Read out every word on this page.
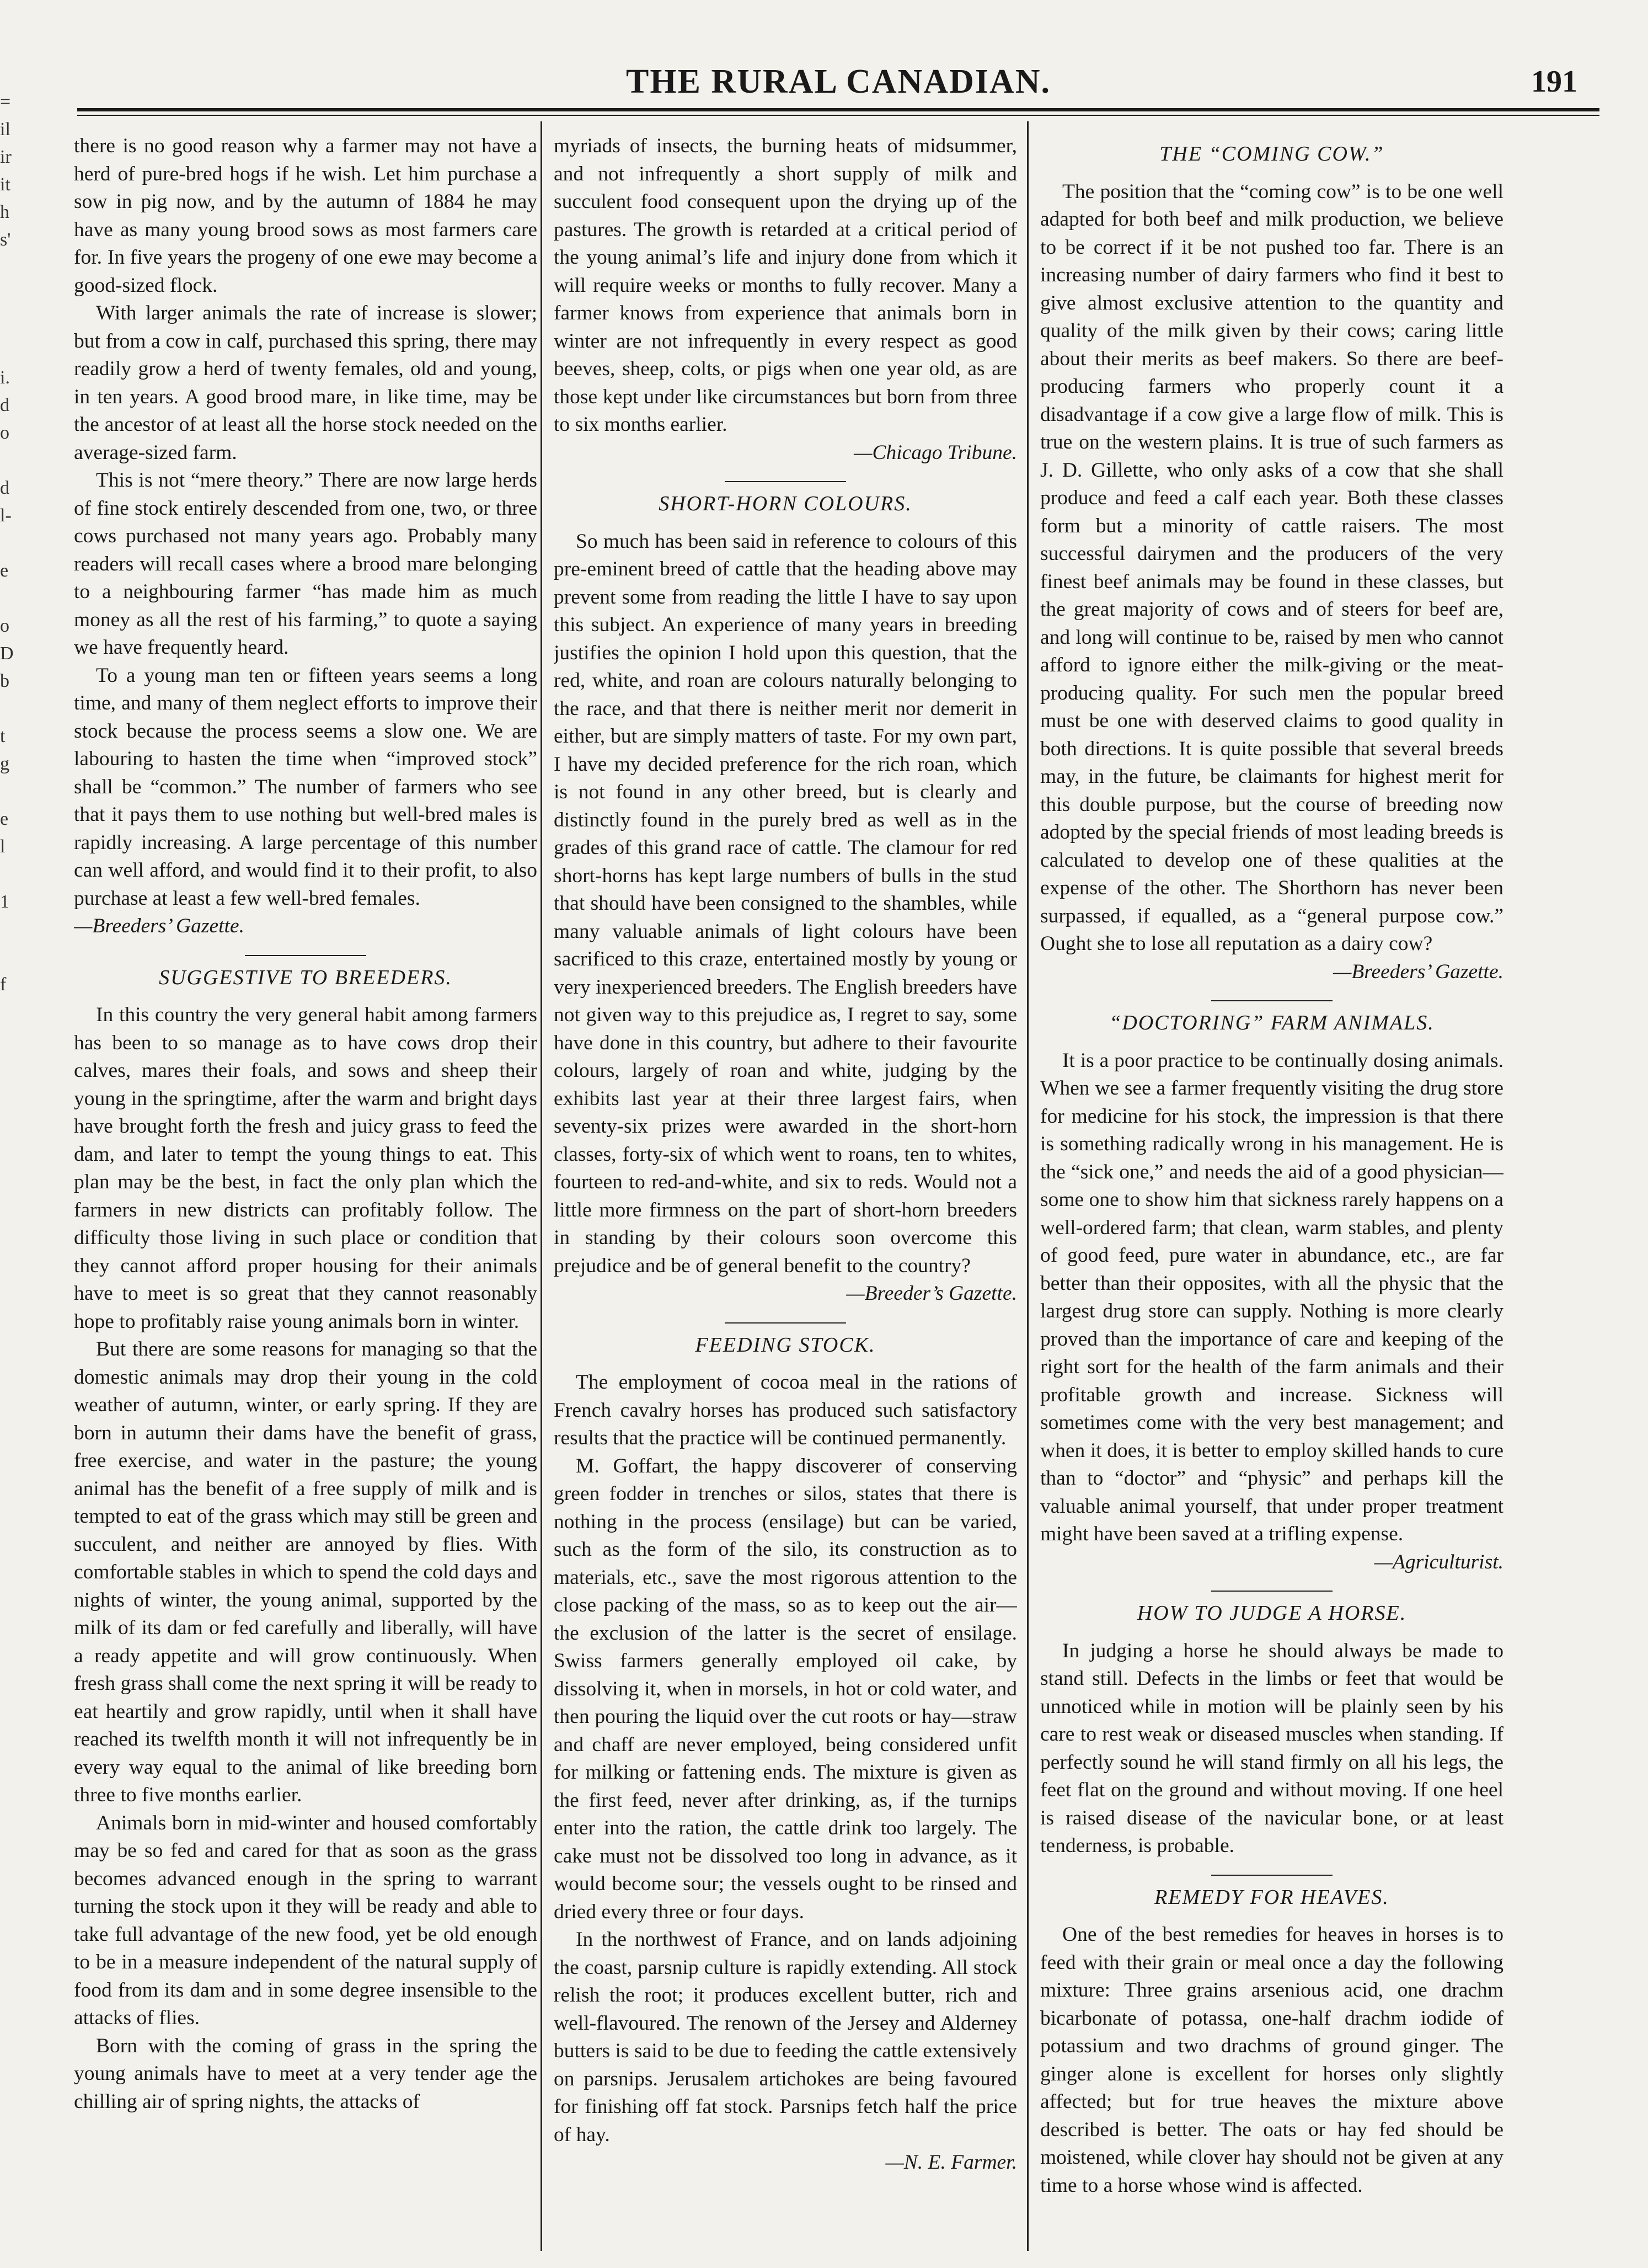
=
il
ir
it
h
s'

i.
d
o

d
l-

e

o
D
b

t
g

e
l

1

f
THE RURAL CANADIAN.	191

there is no good reason why a farmer may not have a herd of pure-bred hogs if he wish. Let him purchase a sow in pig now, and by the autumn of 1884 he may have as many young brood sows as most farmers care for. In five years the progeny of one ewe may become a good-sized flock.

With larger animals the rate of increase is slower; but from a cow in calf, purchased this spring, there may readily grow a herd of twenty females, old and young, in ten years. A good brood mare, in like time, may be the ancestor of at least all the horse stock needed on the average-sized farm.

This is not “mere theory.” There are now large herds of fine stock entirely descended from one, two, or three cows purchased not many years ago. Probably many readers will recall cases where a brood mare belonging to a neighbouring farmer “has made him as much money as all the rest of his farming,” to quote a saying we have frequently heard.

To a young man ten or fifteen years seems a long time, and many of them neglect efforts to improve their stock because the process seems a slow one. We are labouring to hasten the time when “improved stock” shall be “common.” The number of farmers who see that it pays them to use nothing but well-bred males is rapidly increasing. A large percentage of this number can well afford, and would find it to their profit, to also purchase at least a few well-bred females.

—Breeders’ Gazette.

SUGGESTIVE TO BREEDERS.

In this country the very general habit among farmers has been to so manage as to have cows drop their calves, mares their foals, and sows and sheep their young in the springtime, after the warm and bright days have brought forth the fresh and juicy grass to feed the dam, and later to tempt the young things to eat. This plan may be the best, in fact the only plan which the farmers in new districts can profitably follow. The difficulty those living in such place or condition that they cannot afford proper housing for their animals have to meet is so great that they cannot reasonably hope to profitably raise young animals born in winter.

But there are some reasons for managing so that the domestic animals may drop their young in the cold weather of autumn, winter, or early spring. If they are born in autumn their dams have the benefit of grass, free exercise, and water in the pasture; the young animal has the benefit of a free supply of milk and is tempted to eat of the grass which may still be green and succulent, and neither are annoyed by flies. With comfortable stables in which to spend the cold days and nights of winter, the young animal, supported by the milk of its dam or fed carefully and liberally, will have a ready appetite and will grow continuously. When fresh grass shall come the next spring it will be ready to eat heartily and grow rapidly, until when it shall have reached its twelfth month it will not infrequently be in every way equal to the animal of like breeding born three to five months earlier.

Animals born in mid-winter and housed comfortably may be so fed and cared for that as soon as the grass becomes advanced enough in the spring to warrant turning the stock upon it they will be ready and able to take full advantage of the new food, yet be old enough to be in a measure independent of the natural supply of food from its dam and in some degree insensible to the attacks of flies.

Born with the coming of grass in the spring the young animals have to meet at a very tender age the chilling air of spring nights, the attacks of

myriads of insects, the burning heats of midsummer, and not infrequently a short supply of milk and succulent food consequent upon the drying up of the pastures. The growth is retarded at a critical period of the young animal’s life and injury done from which it will require weeks or months to fully recover. Many a farmer knows from experience that animals born in winter are not infrequently in every respect as good beeves, sheep, colts, or pigs when one year old, as are those kept under like circumstances but born from three to six months earlier.

—Chicago Tribune.

SHORT-HORN COLOURS.

So much has been said in reference to colours of this pre-eminent breed of cattle that the heading above may prevent some from reading the little I have to say upon this subject. An experience of many years in breeding justifies the opinion I hold upon this question, that the red, white, and roan are colours naturally belonging to the race, and that there is neither merit nor demerit in either, but are simply matters of taste. For my own part, I have my decided preference for the rich roan, which is not found in any other breed, but is clearly and distinctly found in the purely bred as well as in the grades of this grand race of cattle. The clamour for red short-horns has kept large numbers of bulls in the stud that should have been consigned to the shambles, while many valuable animals of light colours have been sacrificed to this craze, entertained mostly by young or very inexperienced breeders. The English breeders have not given way to this prejudice as, I regret to say, some have done in this country, but adhere to their favourite colours, largely of roan and white, judging by the exhibits last year at their three largest fairs, when seventy-six prizes were awarded in the short-horn classes, forty-six of which went to roans, ten to whites, fourteen to red-and-white, and six to reds. Would not a little more firmness on the part of short-horn breeders in standing by their colours soon overcome this prejudice and be of general benefit to the country?

—Breeder’s Gazette.

FEEDING STOCK.

The employment of cocoa meal in the rations of French cavalry horses has produced such satisfactory results that the practice will be continued permanently.

M. Goffart, the happy discoverer of conserving green fodder in trenches or silos, states that there is nothing in the process (ensilage) but can be varied, such as the form of the silo, its construction as to materials, etc., save the most rigorous attention to the close packing of the mass, so as to keep out the air—the exclusion of the latter is the secret of ensilage. Swiss farmers generally employed oil cake, by dissolving it, when in morsels, in hot or cold water, and then pouring the liquid over the cut roots or hay—straw and chaff are never employed, being considered unfit for milking or fattening ends. The mixture is given as the first feed, never after drinking, as, if the turnips enter into the ration, the cattle drink too largely. The cake must not be dissolved too long in advance, as it would become sour; the vessels ought to be rinsed and dried every three or four days.

In the northwest of France, and on lands adjoining the coast, parsnip culture is rapidly extending. All stock relish the root; it produces excellent butter, rich and well-flavoured. The renown of the Jersey and Alderney butters is said to be due to feeding the cattle extensively on parsnips. Jerusalem artichokes are being favoured for finishing off fat stock. Parsnips fetch half the price of hay.

—N. E. Farmer.

THE “COMING COW.”

The position that the “coming cow” is to be one well adapted for both beef and milk production, we believe to be correct if it be not pushed too far. There is an increasing number of dairy farmers who find it best to give almost exclusive attention to the quantity and quality of the milk given by their cows; caring little about their merits as beef makers. So there are beef-producing farmers who properly count it a disadvantage if a cow give a large flow of milk. This is true on the western plains. It is true of such farmers as J. D. Gillette, who only asks of a cow that she shall produce and feed a calf each year. Both these classes form but a minority of cattle raisers. The most successful dairymen and the producers of the very finest beef animals may be found in these classes, but the great majority of cows and of steers for beef are, and long will continue to be, raised by men who cannot afford to ignore either the milk-giving or the meat-producing quality. For such men the popular breed must be one with deserved claims to good quality in both directions. It is quite possible that several breeds may, in the future, be claimants for highest merit for this double purpose, but the course of breeding now adopted by the special friends of most leading breeds is calculated to develop one of these qualities at the expense of the other. The Shorthorn has never been surpassed, if equalled, as a “general purpose cow.” Ought she to lose all reputation as a dairy cow?

—Breeders’ Gazette.

“DOCTORING” FARM ANIMALS.

It is a poor practice to be continually dosing animals. When we see a farmer frequently visiting the drug store for medicine for his stock, the impression is that there is something radically wrong in his management. He is the “sick one,” and needs the aid of a good physician—some one to show him that sickness rarely happens on a well-ordered farm; that clean, warm stables, and plenty of good feed, pure water in abundance, etc., are far better than their opposites, with all the physic that the largest drug store can supply. Nothing is more clearly proved than the importance of care and keeping of the right sort for the health of the farm animals and their profitable growth and increase. Sickness will sometimes come with the very best management; and when it does, it is better to employ skilled hands to cure than to “doctor” and “physic” and perhaps kill the valuable animal yourself, that under proper treatment might have been saved at a trifling expense.

—Agriculturist.

HOW TO JUDGE A HORSE.

In judging a horse he should always be made to stand still. Defects in the limbs or feet that would be unnoticed while in motion will be plainly seen by his care to rest weak or diseased muscles when standing. If perfectly sound he will stand firmly on all his legs, the feet flat on the ground and without moving. If one heel is raised disease of the navicular bone, or at least tenderness, is probable.

REMEDY FOR HEAVES.

One of the best remedies for heaves in horses is to feed with their grain or meal once a day the following mixture: Three grains arsenious acid, one drachm bicarbonate of potassa, one-half drachm iodide of potassium and two drachms of ground ginger. The ginger alone is excellent for horses only slightly affected; but for true heaves the mixture above described is better. The oats or hay fed should be moistened, while clover hay should not be given at any time to a horse whose wind is affected.
